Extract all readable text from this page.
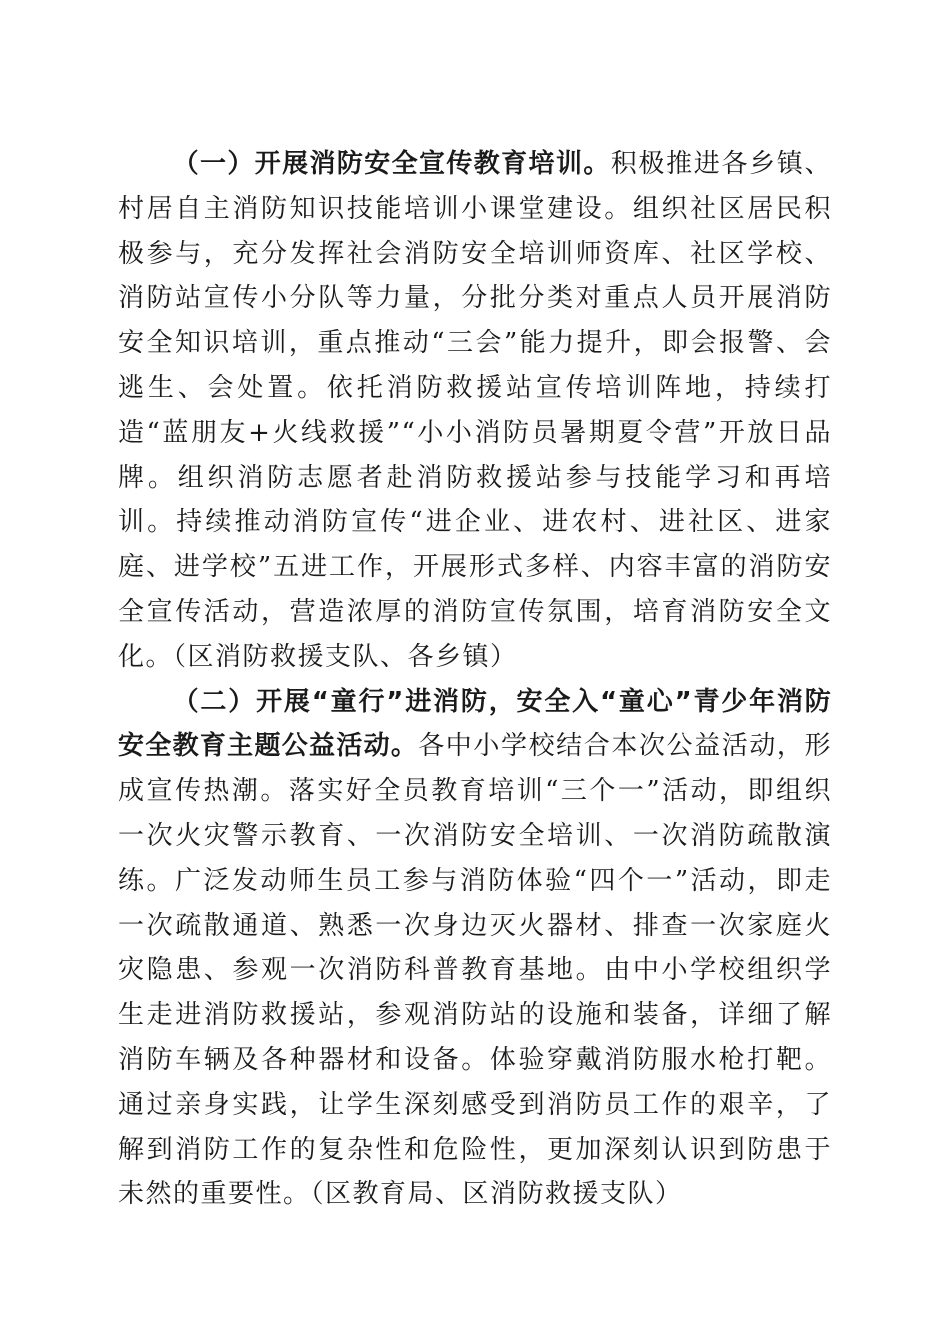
（一）开展消防安全宣传教育培训。积极推进各乡镇、村居自主消防知识技能培训小课堂建设。组织社区居民积极参与，充分发挥社会消防安全培训师资库、社区学校、消防站宣传小分队等力量，分批分类对重点人员开展消防安全知识培训，重点推动“三会”能力提升，即会报警、会逃生、会处置。依托消防救援站宣传培训阵地，持续打造“蓝朋友+火线救援”“小小消防员暑期夏令营”开放日品牌。组织消防志愿者赴消防救援站参与技能学习和再培训。持续推动消防宣传“进企业、进农村、进社区、进家庭、进学校”五进工作，开展形式多样、内容丰富的消防安全宣传活动，营造浓厚的消防宣传氛围，培育消防安全文化。（区消防救援支队、各乡镇）

（二）开展“童行”进消防，安全入“童心”青少年消防安全教育主题公益活动。各中小学校结合本次公益活动，形成宣传热潮。落实好全员教育培训“三个一”活动，即组织一次火灾警示教育、一次消防安全培训、一次消防疏散演练。广泛发动师生员工参与消防体验“四个一”活动，即走一次疏散通道、熟悉一次身边灭火器材、排查一次家庭火灾隐患、参观一次消防科普教育基地。由中小学校组织学生走进消防救援站，参观消防站的设施和装备，详细了解消防车辆及各种器材和设备。体验穿戴消防服水枪打靶。通过亲身实践，让学生深刻感受到消防员工作的艰辛，了解到消防工作的复杂性和危险性，更加深刻认识到防患于未然的重要性。（区教育局、区消防救援支队）
